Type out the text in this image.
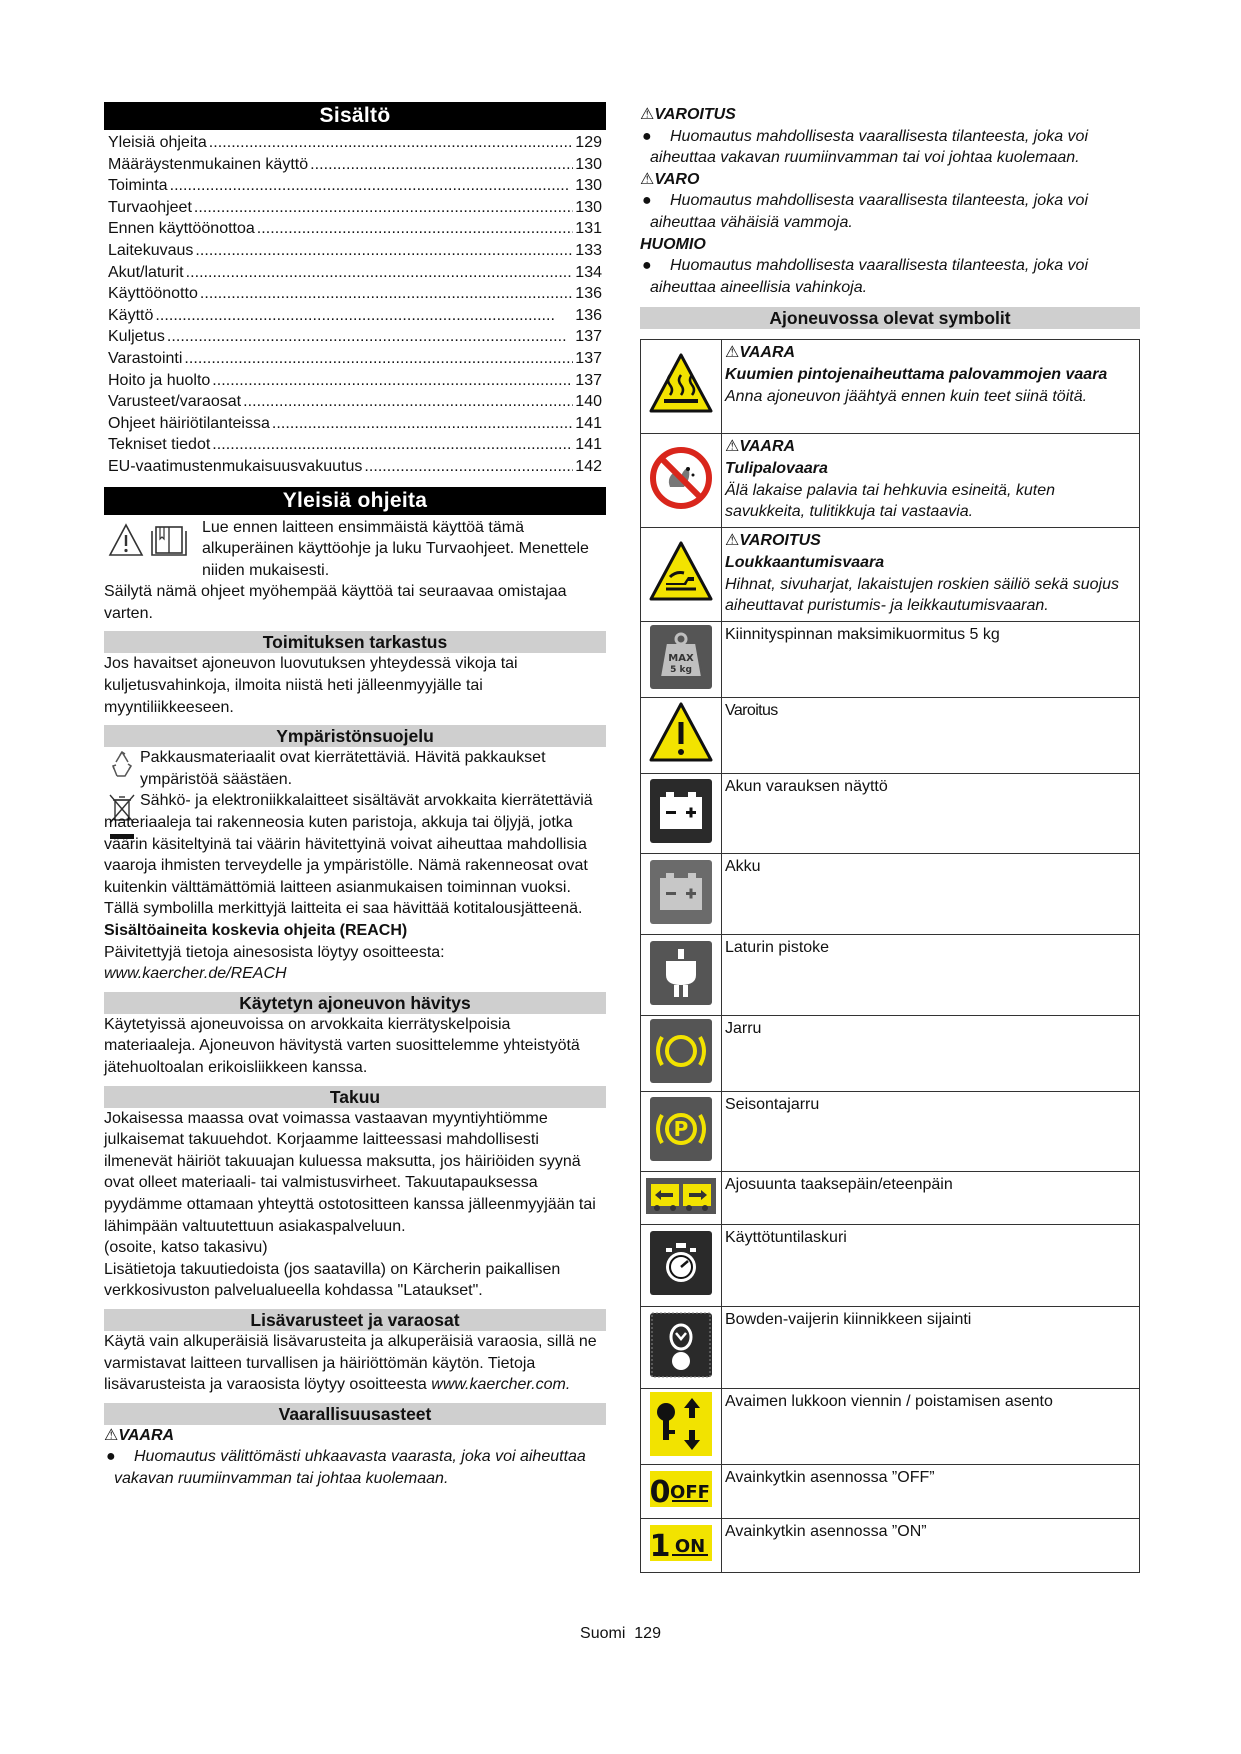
Sisältö
Yleisiä ohjeita . . .	129
Määräystenmukainen käyttö . . .	130
Toiminta . . .	130
Turvaohjeet . . .	130
Ennen käyttöönottoa . . .	131
Laitekuvaus . . .	133
Akut/laturit . . .	134
Käyttöönotto . . .	136
Käyttö . . .	136
Kuljetus . . .	137
Varastointi . . .	137
Hoito ja huolto . . .	137
Varusteet/varaosat . . .	140
Ohjeet häiriötilanteissa . . .	141
Tekniset tiedot . . .	141
EU-vaatimustenmukaisuusvakuutus . . .	142
Yleisiä ohjeita

Lue ennen laitteen ensimmäistä käyttöä tämä alkuperäinen käyttöohje ja luku Turvaohjeet. Menettele niiden mukaisesti.

Säilytä nämä ohjeet myöhempää käyttöä tai seuraavaa omistajaa varten.

Toimituksen tarkastus

Jos havaitset ajoneuvon luovutuksen yhteydessä vikoja tai kuljetusvahinkoja, ilmoita niistä heti jälleenmyyjälle tai myyntiliikkeeseen.

Ympäristönsuojelu

Pakkausmateriaalit ovat kierrätettäviä. Hävitä pakkaukset ympäristöä säästäen.

Sähkö- ja elektroniikkalaitteet sisältävät arvokkaita kierrätettäviä materiaaleja tai rakenneosia kuten paristoja, akkuja tai öljyjä, jotka väärin käsiteltyinä tai väärin hävitettyinä voivat aiheuttaa mahdollisia vaaroja ihmisten terveydelle ja ympäristölle. Nämä rakenneosat ovat kuitenkin välttämättömiä laitteen asianmukaisen toiminnan vuoksi. Tällä symbolilla merkittyjä laitteita ei saa hävittää kotitalousjätteenä.

Sisältöaineita koskevia ohjeita (REACH)

Päivitettyjä tietoja ainesosista löytyy osoitteesta: www.kaercher.de/REACH

Käytetyn ajoneuvon hävitys

Käytetyissä ajoneuvoissa on arvokkaita kierrätyskelpoisia materiaaleja. Ajoneuvon hävitystä varten suosittelemme yhteistyötä jätehuoltoalan erikoisliikkeen kanssa.

Takuu

Jokaisessa maassa ovat voimassa vastaavan myyntiyhtiömme julkaisemat takuuehdot. Korjaamme laitteessasi mahdollisesti ilmenevät häiriöt takuuajan kuluessa maksutta, jos häiriöiden syynä ovat olleet materiaali- tai valmistusvirheet. Takuutapauksessa pyydämme ottamaan yhteyttä ostotositteen kanssa jälleenmyyjään tai lähimpään valtuutettuun asiakaspalveluun.

(osoite, katso takasivu)

Lisätietoja takuutiedoista (jos saatavilla) on Kärcherin paikallisen verkkosivuston palvelualueella kohdassa "Lataukset".

Lisävarusteet ja varaosat

Käytä vain alkuperäisiä lisävarusteita ja alkuperäisiä varaosia, sillä ne varmistavat laitteen turvallisen ja häiriöttömän käytön. Tietoja lisävarusteista ja varaosista löytyy osoitteesta www.kaercher.com.

Vaarallisuusasteet
⚠VAARA
●	Huomautus välittömästi uhkaavasta vaarasta, joka voi aiheuttaa vakavan ruumiinvamman tai johtaa kuolemaan.
⚠VAROITUS
●	Huomautus mahdollisesta vaarallisesta tilanteesta, joka voi aiheuttaa vakavan ruumiinvamman tai voi johtaa kuolemaan.
⚠VARO
●	Huomautus mahdollisesta vaarallisesta tilanteesta, joka voi aiheuttaa vähäisiä vammoja.
HUOMIO
●	Huomautus mahdollisesta vaarallisesta tilanteesta, joka voi aiheuttaa aineellisia vahinkoja.
Ajoneuvossa olevat symbolit

⚠VAARA
Kuumien pintojenaiheuttama palovammojen vaara
Anna ajoneuvon jäähtyä ennen kuin teet siinä töitä.

⚠VAARA
Tulipalovaara
Älä lakaise palavia tai hehkuvia esineitä, kuten savukkeita, tulitikkuja tai vastaavia.

⚠VAROITUS
Loukkaantumisvaara
Hihnat, sivuharjat, lakaistujen roskien säiliö sekä suojus aiheuttavat puristumis- ja leikkautumisvaaran.

MAX
5 kg	Kiinnityspinnan maksimikuormitus 5 kg

Varoitus

Akun varauksen näyttö

Akku

Laturin pistoke

Jarru

P	Seisontajarru

Ajosuunta taaksepäin/eteenpäin

Käyttötuntilaskuri

Bowden-vaijerin kiinnikkeen sijainti

Avaimen lukkoon viennin / poistamisen asento

0 OFF	Avainkytkin asennossa ”OFF”

1 ON	Avainkytkin asennossa ”ON”
Suomi 129
